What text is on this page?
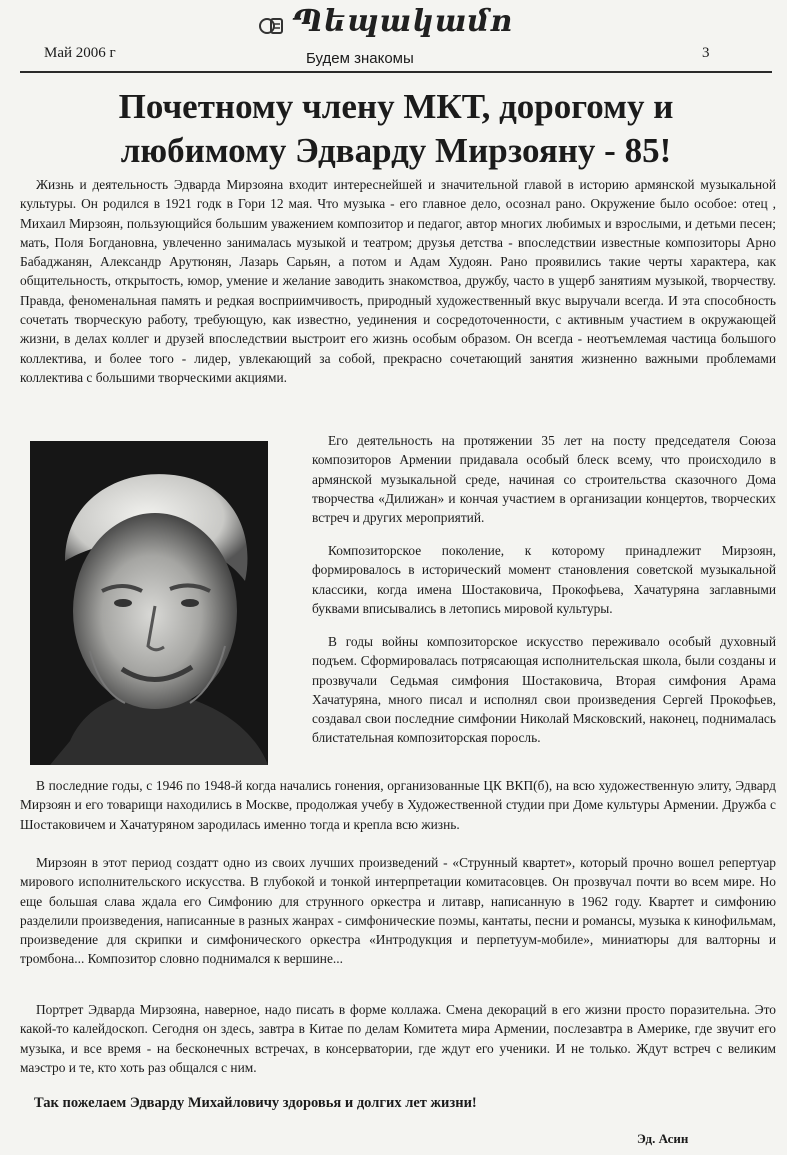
Պեպակամո
Май 2006 г	Будем знакомы	3
Почетному члену МКТ, дорогому и
любимому Эдварду Мирзояну - 85!

Жизнь и деятельность Эдварда Мирзояна входит интереснейшей и значительной главой в историю армянской музыкальной культуры. Он родился в 1921 годк в Гори 12 мая. Что музыка - его главное дело, осознал рано. Окружение было особое: отец , Михаил Мирзоян, пользующийся большим уважением композитор и педагог, автор многих любимых и взрослыми, и детьми песен; мать, Поля Богдановна, увлеченно занималась музыкой и театром; друзья детства - впоследствии известные композиторы Арно Бабаджанян, Александр Арутюнян, Лазарь Сарьян, а потом и Адам Худоян. Рано проявились такие черты характера, как общительность, открытость, юмор, умение и желание заводить знакомствоа, дружбу, часто в ущерб занятиям музыкой, творчеству. Правда, феноменальная память и редкая восприимчивость, природный художественный вкус выручали всегда. И эта способность сочетать творческую работу, требующую, как известно, уединения и сосредоточенности, с активным участием в окружающей жизни, в делах коллег и друзей впоследствии выстроит его жизнь особым образом. Он всегда - неотъемлемая частица большого коллектива, и более того - лидер, увлекающий за собой, прекрасно сочетающий занятия жизненно важными проблемами коллектива с большими творческими акциями.

Его деятельность на протяжении 35 лет на посту председателя Союза композиторов Армении придавала особый блеск всему, что происходило в армянской музыкальной среде, начиная со строительства сказочного Дома творчества «Дилижан» и кончая участием в организации концертов, творческих встреч и других мероприятий.

Композиторское поколение, к которому принадлежит Мирзоян, формировалось в исторический момент становления советской музыкальной классики, когда имена Шостаковича, Прокофьева, Хачатуряна заглавными буквами вписывались в летопись мировой культуры.

В годы войны композиторское искусство переживало особый духовный подъем. Сформировалась потрясающая исполнительская школа, были созданы и прозвучали Седьмая симфония Шостаковича, Вторая симфония Арама Хачатуряна, много писал и исполнял свои произведения Сергей Прокофьев, создавал свои последние симфонии Николай Мясковский, наконец, поднималась блистательная композиторская поросль.

В последние годы, с 1946 по 1948-й когда начались гонения, организованные ЦК ВКП(б), на всю художественную элиту, Эдвард Мирзоян и его товарищи находились в Москве, продолжая учебу в Художественной студии при Доме культуры Армении. Дружба с Шостаковичем и Хачатуряном зародилась именно тогда и крепла всю жизнь.

Мирзоян в этот период создатт одно из своих лучших произведений - «Струнный квартет», который прочно вошел репертуар мирового исполнительского искусства. В глубокой и тонкой интерпретации комитасовцев. Он прозвучал почти во всем мире. Но еще большая слава ждала его Симфонию для струнного оркестра и литавр, написанную в 1962 году. Квартет и симфонию разделили произведения, написанные в разных жанрах - симфонические поэмы, кантаты, песни и романсы, музыка к кинофильмам, произведение для скрипки и симфонического оркестра «Интродукция и перпетуум-мобиле», миниатюры для валторны и тромбона... Композитор словно поднимался к вершине...

Портрет Эдварда Мирзояна, наверное, надо писать в форме коллажа. Смена декораций в его жизни просто поразительна. Это какой-то калейдоскоп. Сегодня он здесь, завтра в Китае по делам Комитета мира Армении, послезавтра в Америке, где звучит его музыка, и все время - на бесконечных встречах, в консерватории, где ждут его ученики. И не только. Ждут встреч с великим маэстро и те, кто хоть раз общался с ним.

Так пожелаем Эдварду Михайловичу здоровья и долгих лет жизни!
Эд. Асин
